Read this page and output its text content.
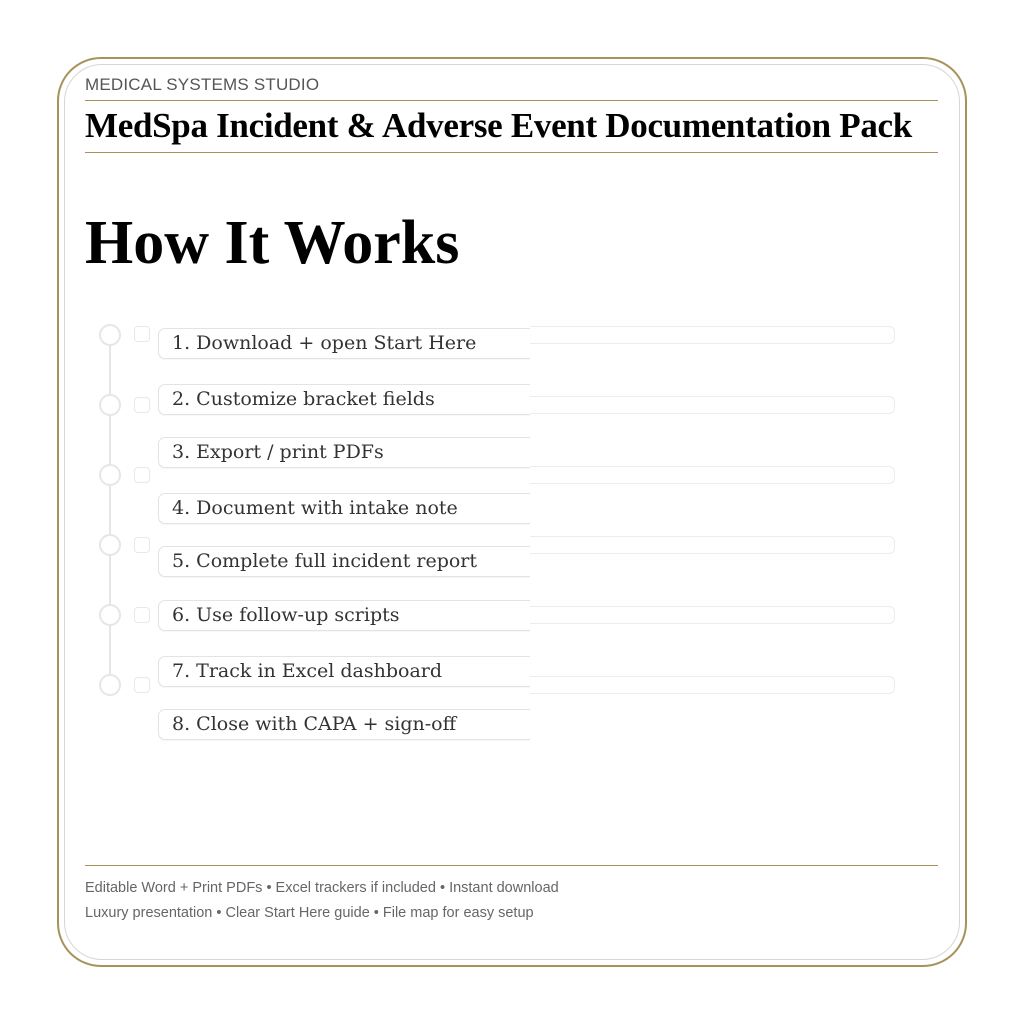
MEDICAL SYSTEMS STUDIO
MedSpa Incident & Adverse Event Documentation Pack
How It Works
1. Download + open Start Here
2. Customize bracket fields
3. Export / print PDFs
4. Document with intake note
5. Complete full incident report
6. Use follow-up scripts
7. Track in Excel dashboard
8. Close with CAPA + sign-off
Editable Word + Print PDFs • Excel trackers if included • Instant download
Luxury presentation • Clear Start Here guide • File map for easy setup
